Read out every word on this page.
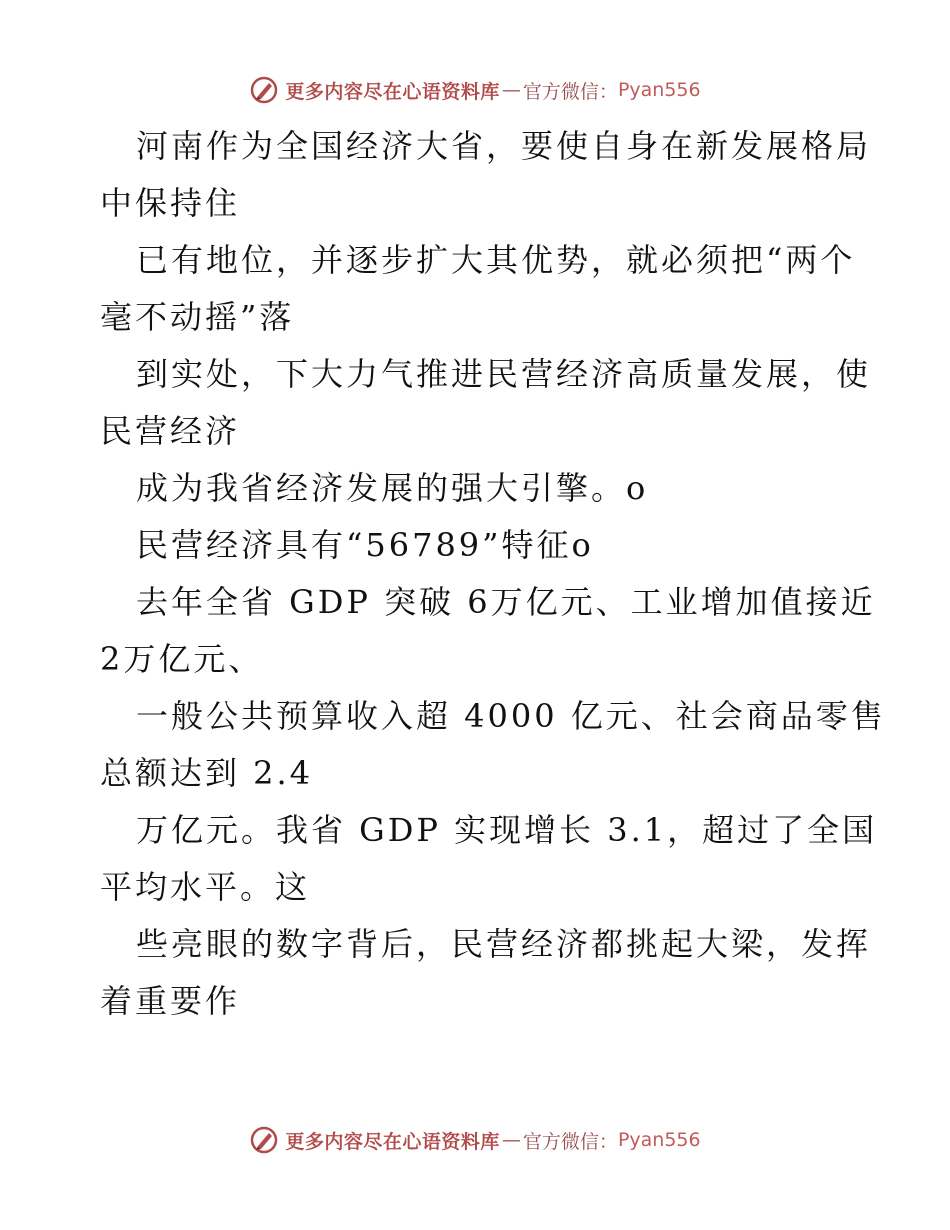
更多内容尽在心语资料库 — 官方微信： Pyan556
河南作为全国经济大省，要使自身在新发展格局
中保持住
已有地位，并逐步扩大其优势，就必须把“两个
毫不动摇”落
到实处，下大力气推进民营经济高质量发展，使
民营经济
成为我省经济发展的强大引擎。o
民营经济具有“56789”特征o
去年全省 GDP 突破 6万亿元、工业增加值接近
2万亿元、
一般公共预算收入超 4000 亿元、社会商品零售
总额达到 2.4
万亿元。我省 GDP 实现增长 3.1，超过了全国
平均水平。这
些亮眼的数字背后，民营经济都挑起大梁，发挥
着重要作
更多内容尽在心语资料库 — 官方微信： Pyan556
